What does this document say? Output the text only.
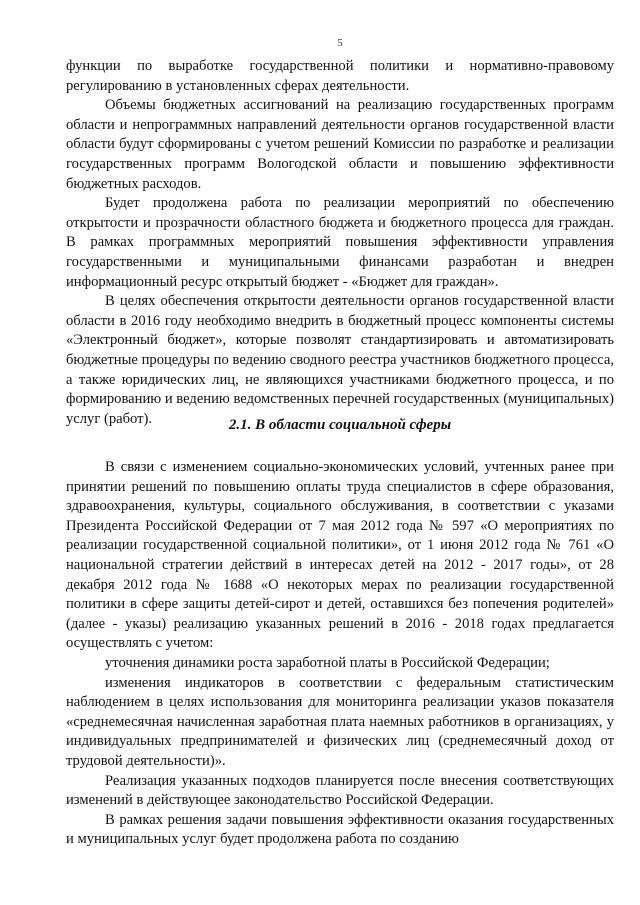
5

функции по выработке государственной политики и нормативно-правовому регулированию в установленных сферах деятельности.

Объемы бюджетных ассигнований на реализацию государственных программ области и непрограммных направлений деятельности органов государственной власти области будут сформированы с учетом решений Комиссии по разработке и реализации государственных программ Вологодской области и повышению эффективности бюджетных расходов.

Будет продолжена работа по реализации мероприятий по обеспечению открытости и прозрачности областного бюджета и бюджетного процесса для граждан. В рамках программных мероприятий повышения эффективности управления государственными и муниципальными финансами разработан и внедрен информационный ресурс открытый бюджет - «Бюджет для граждан».

В целях обеспечения открытости деятельности органов государственной власти области в 2016 году необходимо внедрить в бюджетный процесс компоненты системы «Электронный бюджет», которые позволят стандартизировать и автоматизировать бюджетные процедуры по ведению сводного реестра участников бюджетного процесса, а также юридических лиц, не являющихся участниками бюджетного процесса, и по формированию и ведению ведомственных перечней государственных (муниципальных) услуг (работ).	2.1. В области социальной сферы

В связи с изменением социально-экономических условий, учтенных ранее при принятии решений по повышению оплаты труда специалистов в сфере образования, здравоохранения, культуры, социального обслуживания, в соответствии с указами Президента Российской Федерации от 7 мая 2012 года № 597 «О мероприятиях по реализации государственной социальной политики», от 1 июня 2012 года № 761 «О национальной стратегии действий в интересах детей на 2012 - 2017 годы», от 28 декабря 2012 года № 1688 «О некоторых мерах по реализации государственной политики в сфере защиты детей-сирот и детей, оставшихся без попечения родителей» (далее - указы) реализацию указанных решений в 2016 - 2018 годах предлагается осуществлять с учетом:

уточнения динамики роста заработной платы в Российской Федерации;

изменения индикаторов в соответствии с федеральным статистическим наблюдением в целях использования для мониторинга реализации указов показателя «среднемесячная начисленная заработная плата наемных работников в организациях, у индивидуальных предпринимателей и физических лиц (среднемесячный доход от трудовой деятельности)».

Реализация указанных подходов планируется после внесения соответствующих изменений в действующее законодательство Российской Федерации.

В рамках решения задачи повышения эффективности оказания государственных и муниципальных услуг будет продолжена работа по созданию
